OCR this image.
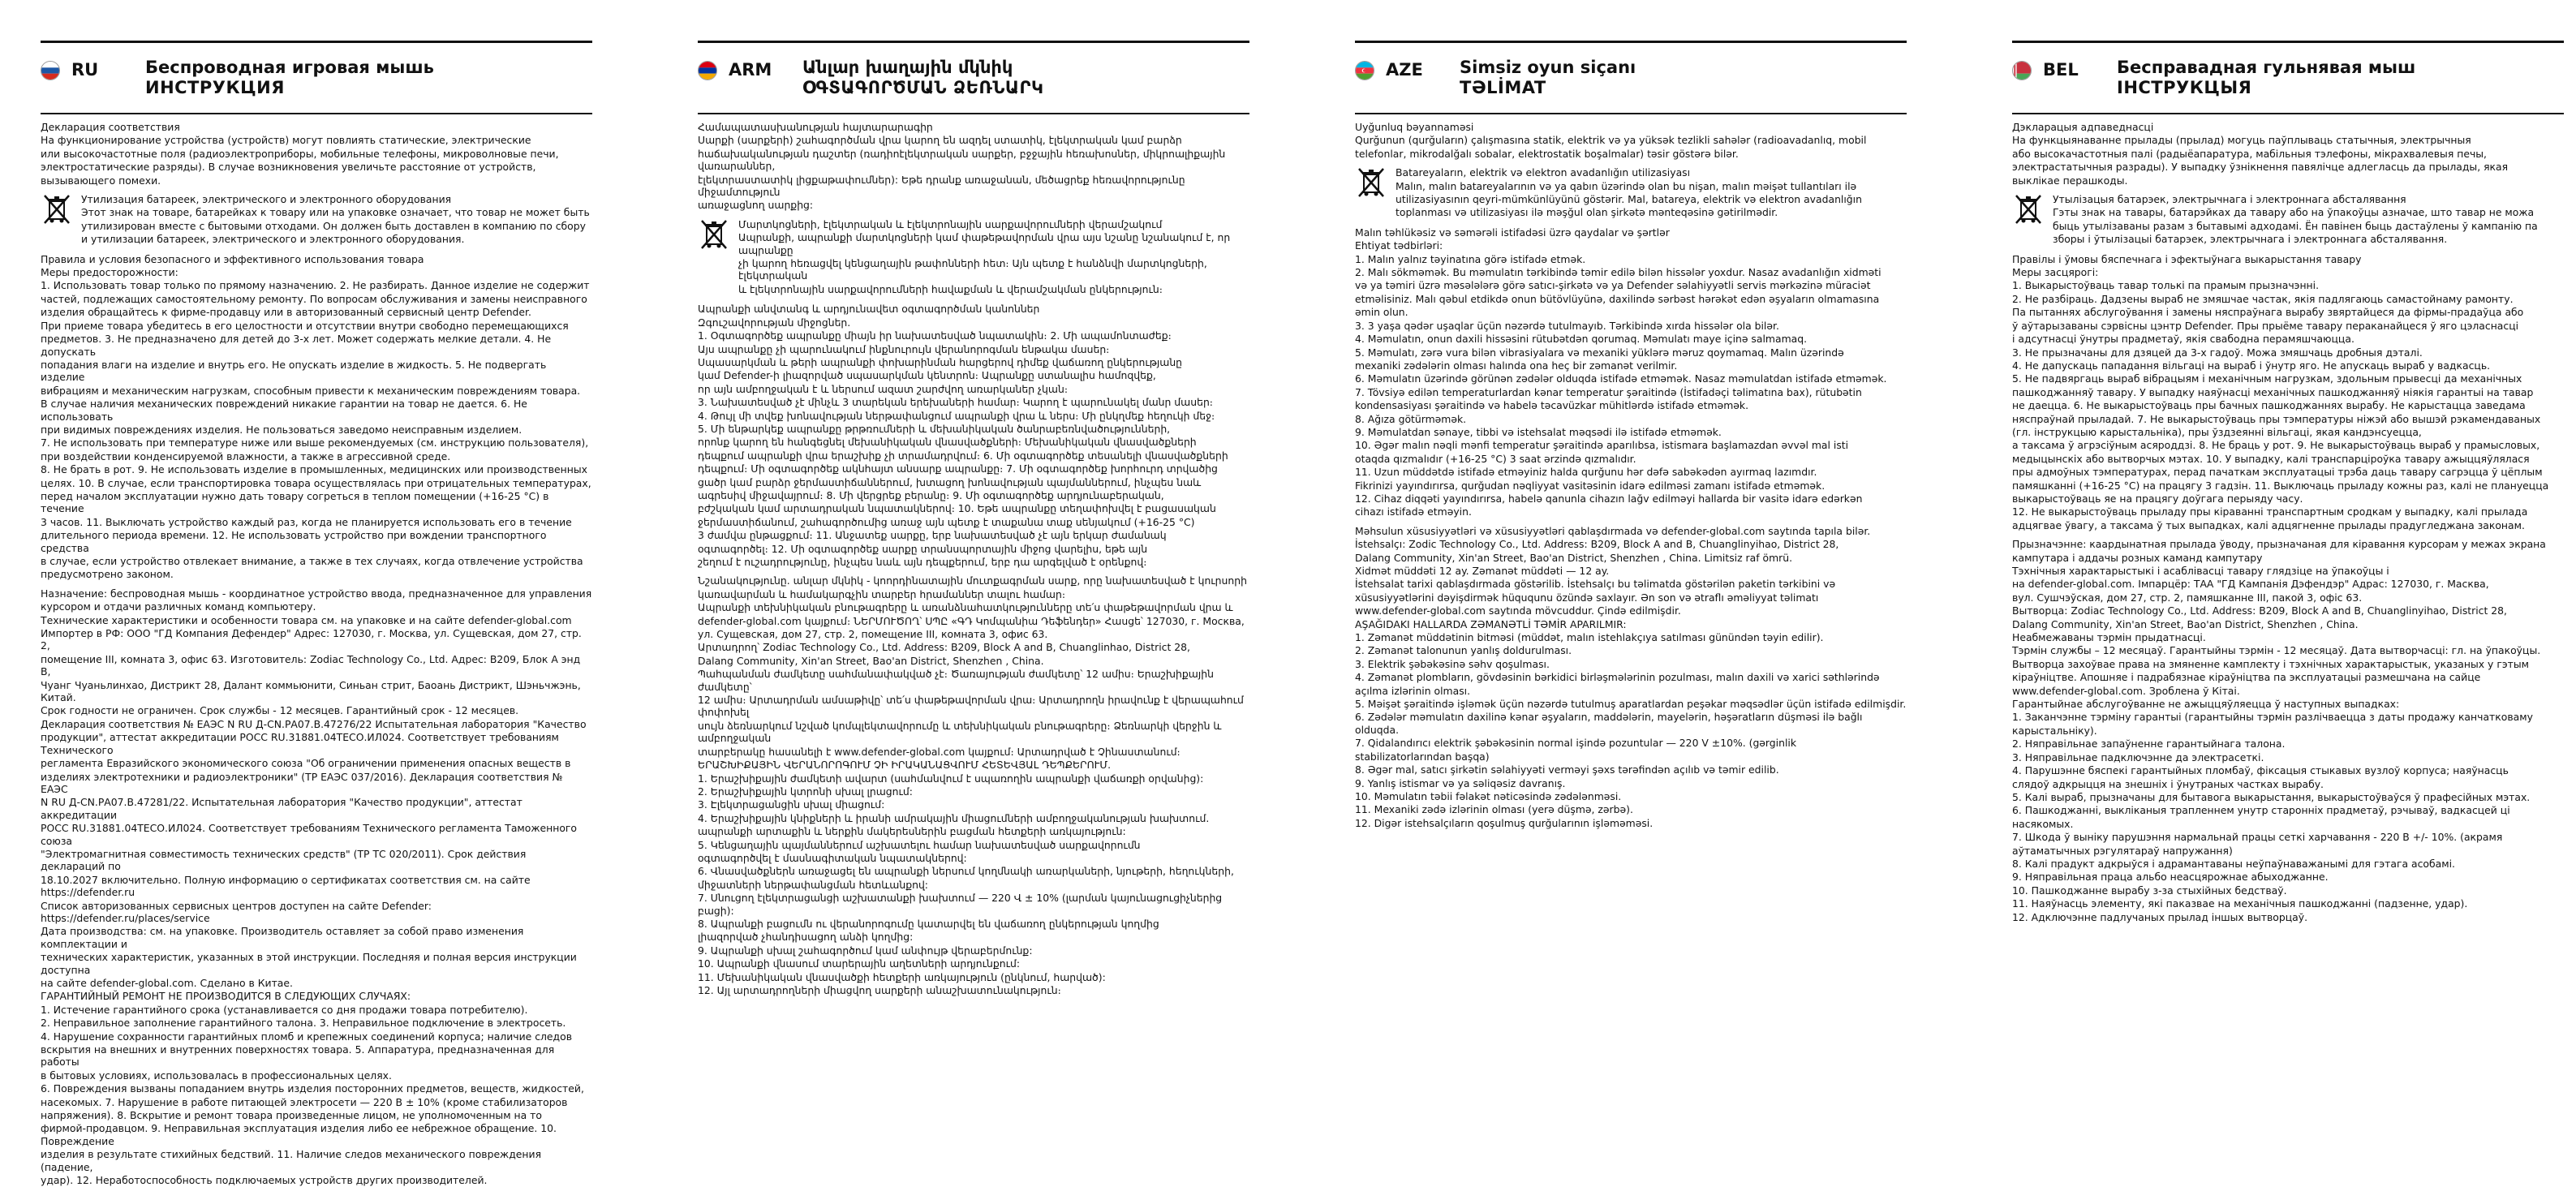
RU	Беспроводная игровая мышь
ИНСТРУКЦИЯ

Декларация соответствия

На функционирование устройства (устройств) могут повлиять статические, электрические

или высокочастотные поля (радиоэлектроприборы, мобильные телефоны, микроволновые печи,

электростатические разряды). В случае возникновения увеличьте расстояние от устройств,

вызывающего помехи.

Утилизация батареек, электрического и электронного оборудования

Этот знак на товаре, батарейках к товару или на упаковке означает, что товар не может быть

утилизирован вместе с бытовыми отходами. Он должен быть доставлен в компанию по сбору

и утилизации батареек, электрического и электронного оборудования.

Правила и условия безопасного и эффективного использования товара

Меры предосторожности:

1. Использовать товар только по прямому назначению. 2. Не разбирать. Данное изделие не содержит

частей, подлежащих самостоятельному ремонту. По вопросам обслуживания и замены неисправного

изделия обращайтесь к фирме-продавцу или в авторизованный сервисный центр Defender.

При приеме товара убедитесь в его целостности и отсутствии внутри свободно перемещающихся

предметов. 3. Не предназначено для детей до 3-х лет. Может содержать мелкие детали. 4. Не допускать

попадания влаги на изделие и внутрь его. Не опускать изделие в жидкость. 5. Не подвергать изделие

вибрациям и механическим нагрузкам, способным привести к механическим повреждениям товара.

В случае наличия механических повреждений никакие гарантии на товар не дается. 6. Не использовать

при видимых повреждениях изделия. Не пользоваться заведомо неисправным изделием.

7. Не использовать при температуре ниже или выше рекомендуемых (см. инструкцию пользователя),

при воздействии конденсируемой влажности, а также в агрессивной среде.

8. Не брать в рот. 9. Не использовать изделие в промышленных, медицинских или производственных

целях. 10. В случае, если транспортировка товара осуществлялась при отрицательных температурах,

перед началом эксплуатации нужно дать товару согреться в теплом помещении (+16-25 °С) в течение

3 часов. 11. Выключать устройство каждый раз, когда не планируется использовать его в течение

длительного периода времени. 12. Не использовать устройство при вождении транспортного средства

в случае, если устройство отвлекает внимание, а также в тех случаях, когда отвлечение устройства

предусмотрено законом.

Назначение: беспроводная мышь - координатное устройство ввода, предназначенное для управления

курсором и отдачи различных команд компьютеру.

Технические характеристики и особенности товара см. на упаковке и на сайте defender-global.com

Импортер в РФ: ООО "ГД Компания Дефендер" Адрес: 127030, г. Москва, ул. Сущевская, дом 27, стр. 2,

помещение III, комната 3, офис 63. Изготовитель: Zodiac Technology Co., Ltd. Адрес: B209, Блок A энд B,

Чуанг Чуаньлинхао, Дистрикт 28, Далант коммьюнити, Синьан стрит, Баоань Дистрикт, Шэньчжэнь, Китай.

Срок годности не ограничен. Срок службы - 12 месяцев. Гарантийный срок - 12 месяцев.

Декларация соответствия № ЕАЭС N RU Д-CN.РА07.В.47276/22 Испытательная лаборатория "Качество

продукции", аттестат аккредитации РОСС RU.31881.04ТЕСО.ИЛ024. Соответствует требованиям Технического

регламента Евразийского экономического союза "Об ограничении применения опасных веществ в

изделиях электротехники и радиоэлектроники" (ТР ЕАЭС 037/2016). Декларация соответствия № ЕАЭС

N RU Д-CN.РА07.В.47281/22. Испытательная лаборатория "Качество продукции", аттестат аккредитации

РОСС RU.31881.04ТЕСО.ИЛ024. Соответствует требованиям Технического регламента Таможенного союза

"Электромагнитная совместимость технических средств" (ТР ТС 020/2011). Срок действия деклараций по

18.10.2027 включительно. Полную информацию о сертификатах соответствия см. на сайте https://defender.ru

Список авторизованных сервисных центров доступен на сайте Defender: https://defender.ru/places/service

Дата производства: см. на упаковке. Производитель оставляет за собой право изменения комплектации и

технических характеристик, указанных в этой инструкции. Последняя и полная версия инструкции доступна

на сайте defender-global.com. Сделано в Китае.

ГАРАНТИЙНЫЙ РЕМОНТ НЕ ПРОИЗВОДИТСЯ В СЛЕДУЮЩИХ СЛУЧАЯХ:

1. Истечение гарантийного срока (устанавливается со дня продажи товара потребителю).

2. Неправильное заполнение гарантийного талона. 3. Неправильное подключение в электросеть.

4. Нарушение сохранности гарантийных пломб и крепежных соединений корпуса; наличие следов

вскрытия на внешних и внутренних поверхностях товара. 5. Аппаратура, предназначенная для работы

в бытовых условиях, использовалась в профессиональных целях.

6. Повреждения вызваны попаданием внутрь изделия посторонних предметов, веществ, жидкостей,

насекомых. 7. Нарушение в работе питающей электросети — 220 В ± 10% (кроме стабилизаторов

напряжения). 8. Вскрытие и ремонт товара произведенные лицом, не уполномоченным на то

фирмой-продавцом. 9. Неправильная эксплуатация изделия либо ее небрежное обращение. 10. Повреждение

изделия в результате стихийных бедствий. 11. Наличие следов механического повреждения (падение,

удар). 12. Неработоспособность подключаемых устройств других производителей.

ARM	Անլար խաղային մկնիկ
ՕԳՏԱԳՈՐԾՄԱՆ ՁԵՌՆԱՐԿ

Համապատասխանության հայտարարագիր

Սարքի (սարքերի) շահագործման վրա կարող են ազդել ստատիկ, էլեկտրական կամ բարձր

հաճախականության դաշտեր (ռադիոէլեկտրական սարքեր, բջջային հեռախոսներ, միկրոալիքային վառարաններ,

էլեկտրաստատիկ լիցքաթափումներ): Եթե դրանք առաջանան, մեծացրեք հեռավորությունը միջամտություն

առաջացնող սարքից:

Մարտկոցների, էլեկտրական և էլեկտրոնային սարքավորումների վերամշակում

Ապրանքի, ապրանքի մարտկոցների կամ փաթեթավորման վրա այս նշանը նշանակում է, որ ապրանքը

չի կարող հեռացվել կենցաղային թափոնների հետ։ Այն պետք է հանձնվի մարտկոցների, էլեկտրական

և էլեկտրոնային սարքավորումների հավաքման և վերամշակման ընկերություն։

Ապրանքի անվտանգ և արդյունավետ օգտագործման կանոններ

Զգուշավորության միջոցներ.

1. Օգտագործեք ապրանքը միայն իր նախատեսված նպատակին։ 2. Մի ապամոնտաժեք։

Այս ապրանքը չի պարունակում ինքնուրույն վերանորոգման ենթակա մասեր։

Սպասարկման և թերի ապրանքի փոխարինման հարցերով դիմեք վաճառող ընկերությանը

կամ Defender-ի լիազորված սպասարկման կենտրոն։ Ապրանքը ստանալիս համոզվեք,

որ այն ամբողջական է և ներսում ազատ շարժվող առարկաներ չկան։

3. Նախատեսված չէ մինչև 3 տարեկան երեխաների համար։ Կարող է պարունակել մանր մասեր։

4. Թույլ մի տվեք խոնավության ներթափանցում ապրանքի վրա և ներս։ Մի ընկղմեք հեղուկի մեջ։

5. Մի ենթարկեք ապրանքը թրթռումների և մեխանիկական ծանրաբեռնվածությունների,

որոնք կարող են հանգեցնել մեխանիկական վնասվածքների։ Մեխանիկական վնասվածքների

դեպքում ապրանքի վրա երաշխիք չի տրամադրվում։ 6. Մի օգտագործեք տեսանելի վնասվածքների

դեպքում։ Մի օգտագործեք ակնհայտ անսարք ապրանքը։ 7. Մի օգտագործեք խորհուրդ տրվածից

ցածր կամ բարձր ջերմաստիճաններում, խտացող խոնավության պայմաններում, ինչպես նաև

ագրեսիվ միջավայրում։ 8. Մի վերցրեք բերանը։ 9. Մի օգտագործեք արդյունաբերական,

բժշկական կամ արտադրական նպատակներով։ 10. Եթե ապրանքը տեղափոխվել է բացասական

ջերմաստիճանում, շահագործումից առաջ այն պետք է տաքանա տաք սենյակում (+16-25 °C)

3 ժամվա ընթացքում։ 11. Անջատեք սարքը, երբ նախատեսված չէ այն երկար ժամանակ

օգտագործել։ 12. Մի օգտագործեք սարքը տրանսպորտային միջոց վարելիս, եթե այն

շեղում է ուշադրությունը, ինչպես նաև այն դեպքերում, երբ դա արգելված է օրենքով։

Նշանակությունը. անլար մկնիկ - կոորդինատային մուտքագրման սարք, որը նախատեսված է կուրսորի

կառավարման և համակարգչին տարբեր հրամաններ տալու համար։

Ապրանքի տեխնիկական բնութագրերը և առանձնահատկությունները տե՛ս փաթեթավորման վրա և

defender-global.com կայքում։ ՆԵՐՄՈՒԾՈՂ՝ ՍՊԸ «ԳԴ Կոմպանիա Դեֆենդեր» Հասցե՝ 127030, г. Москва,

ул. Сущевская, дом 27, стр. 2, помещение III, комната 3, офис 63.

Արտադրող՝ Zodiac Technology Co., Ltd. Address: B209, Block A and B, Chuanglinhao, District 28,

Dalang Community, Xin'an Street, Bao'an District, Shenzhen , China.

Պահպանման ժամկետը սահմանափակված չէ։ Ծառայության ժամկետը՝ 12 ամիս։ Երաշխիքային ժամկետը՝

12 ամիս։ Արտադրման ամսաթիվը՝ տե՛ս փաթեթավորման վրա։ Արտադրողն իրավունք է վերապահում փոփոխել

սույն ձեռնարկում նշված կոմպլեկտավորումը և տեխնիկական բնութագրերը։ Ձեռնարկի վերջին և ամբողջական

տարբերակը հասանելի է www.defender-global.com կայքում։ Արտադրված է Չինաստանում։

ԵՐԱՇԽԻՔԱՅԻՆ ՎԵՐԱՆՈՐՈԳՈՒՄ ՉԻ ԻՐԱԿԱՆԱՑՎՈՒՄ ՀԵՏԵՎՅԱԼ ԴԵՊՔԵՐՈՒՄ.

1. Երաշխիքային ժամկետի ավարտ (սահմանվում է սպառողին ապրանքի վաճառքի օրվանից):

2. Երաշխիքային կտրոնի սխալ լրացում:

3. Էլեկտրացանցին սխալ միացում:

4. Երաշխիքային կնիքների և իրանի ամրակային միացումների ամբողջականության խախտում.

ապրանքի արտաքին և ներքին մակերեսներին բացման հետքերի առկայություն:

5. Կենցաղային պայմաններում աշխատելու համար նախատեսված սարքավորումն

օգտագործվել է մասնագիտական նպատակներով:

6. Վնասվածքներն առաջացել են ապրանքի ներսում կողմնակի առարկաների, նյութերի, հեղուկների,

միջատների ներթափանցման հետևանքով:

7. Սնուցող էլեկտրացանցի աշխատանքի խախտում — 220 Վ ± 10% (լարման կայունացուցիչներից բացի):

8. Ապրանքի բացումն ու վերանորոգումը կատարվել են վաճառող ընկերության կողմից

լիազորված չհանդիսացող անձի կողմից:

9. Ապրանքի սխալ շահագործում կամ անփույթ վերաբերմունք:

10. Ապրանքի վնասում տարերային աղետների արդյունքում:

11. Մեխանիկական վնասվածքի հետքերի առկայություն (ընկնում, հարված):

12. Այլ արտադրողների միացվող սարքերի անաշխատունակություն։

AZE	Simsiz oyun siçanı
TƏLİMAT

Uyğunluq bəyannaməsi

Qurğunun (qurğuların) çalışmasına statik, elektrik və ya yüksək tezlikli sahələr (radioavadanlıq, mobil

telefonlar, mikrodalğalı sobalar, elektrostatik boşalmalar) təsir göstərə bilər.

Batareyaların, elektrik və elektron avadanlığın utilizasiyası

Malın, malın batareyalarının və ya qabın üzərində olan bu nişan, malın məişət tullantıları ilə

utilizasiyasının qeyri-mümkünlüyünü göstərir. Mal, batareya, elektrik və elektron avadanlığın

toplanması və utilizasiyası ilə məşğul olan şirkətə mənteqəsinə gətirilmədir.

Malın təhlükəsiz və səmərəli istifadəsi üzrə qaydalar və şərtlər

Ehtiyat tədbirləri:

1. Malın yalnız təyinatına görə istifadə etmək.

2. Malı sökməmək. Bu məmulatın tərkibində təmir edilə bilən hissələr yoxdur. Nasaz avadanlığın xidməti

və ya təmiri üzrə məsələlərə görə satıcı-şirkətə və ya Defender səlahiyyətli servis mərkəzinə müraciət

etməlisiniz. Malı qəbul etdikdə onun bütövlüyünə, daxilində sərbəst hərəkət edən əşyaların olmamasına

əmin olun.

3. 3 yaşa qədər uşaqlar üçün nəzərdə tutulmayıb. Tərkibində xırda hissələr ola bilər.

4. Məmulatın, onun daxili hissəsini rütubətdən qorumaq. Məmulatı maye içinə salmamaq.

5. Məmulatı, zərə vura bilən vibrasiyalara və mexaniki yüklərə məruz qoymamaq. Malın üzərində

mexaniki zədələrin olması halında ona heç bir zəmanət verilmir.

6. Məmulatın üzərində görünən zədələr olduqda istifadə etməmək. Nasaz məmulatdan istifadə etməmək.

7. Tövsiyə edilən temperaturlardan kənar temperatur şəraitində (İstifadəçi təlimatına bax), rütubətin

kondensasiyası şəraitində və habelə təcavüzkar mühitlərdə istifadə etməmək.

8. Ağıza götürməmək.

9. Məmulatdan sənaye, tibbi və istehsalat məqsədi ilə istifadə etməmək.

10. Əgər malın nəqli mənfi temperatur şəraitində aparılıbsa, istismara başlamazdan əvvəl mal isti

otaqda qızmalıdır (+16-25 °C) 3 saat ərzində qızmalıdır.

11. Uzun müddətdə istifadə etməyiniz halda qurğunu hər dəfə sabəkədən ayırmaq lazımdır.

Fikrinizi yayındırırsa, qurğudan nəqliyyat vasitəsinin idarə edilməsi zamanı istifadə etməmək.

12. Cihaz diqqəti yayındırırsa, habelə qanunla cihazın lağv edilməyi hallarda bir vasitə idarə edərkən

cihazı istifadə etməyin.

Məhsulun xüsusiyyətləri və xüsusiyyətləri qablaşdırmada və defender-global.com saytında tapıla bilər.

İstehsalçı: Zodic Technology Co., Ltd. Address: B209, Block A and B, Chuanglinyihao, District 28,

Dalang Community, Xin'an Street, Bao'an District, Shenzhen , China. Limitsiz raf ömrü.

Xidmət müddəti 12 ay. Zəmanət müddəti — 12 ay.

İstehsalat tarixi qablaşdırmada göstərilib. İstehsalçı bu təlimatda göstərilən paketin tərkibini və

xüsusiyyətlərini dəyişdirmək hüququnu özündə saxlayır. Ən son və ətraflı əməliyyat təlimatı

www.defender-global.com saytında mövcuddur. Çində edilmişdir.

AŞAĞIDAKI HALLARDA ZƏMANƏTLİ TƏMİR APARILMIR:

1. Zəmanət müddətinin bitməsi (müddət, malın istehlakçıya satılması günündən təyin edilir).

2. Zəmanət talonunun yanlış doldurulması.

3. Elektrik şəbəkəsinə səhv qoşulması.

4. Zəmanət plombların, gövdəsinin bərkidici birləşmələrinin pozulması, malın daxili və xarici səthlərində

açılma izlərinin olması.

5. Məişət şəraitində işləmək üçün nəzərdə tutulmuş aparatlardan peşəkar məqsədlər üçün istifadə edilmişdir.

6. Zədələr məmulatın daxilinə kənar əşyaların, maddələrin, mayelərin, həşəratların düşməsi ilə bağlı olduqda.

7. Qidalandırıcı elektrik şəbəkəsinin normal işində pozuntular — 220 V ±10%. (gərginlik

stabilizatorlarından başqa)

8. Əgər mal, satıcı şirkətin səlahiyyəti verməyi şəxs tərəfindən açılıb və təmir edilib.

9. Yanlış istismar və ya səliqəsiz davranış.

10. Məmulatın təbii fəlakət nəticəsində zədələnməsi.

11. Mexaniki zədə izlərinin olması (yerə düşmə, zərbə).

12. Digər istehsalçıların qoşulmuş qurğularının işləməməsi.

BEL	Бесправадная гульнявая мыш
ІНСТРУКЦЫЯ

Дэкларацыя адпаведнасці

На функцыянаванне прылады (прылад) могуць паўплываць статычныя, электрычныя

або высокачастотныя палі (радыёапаратура, мабільныя тэлефоны, мікрахвалевыя печы,

электрастатычныя разрады). У выпадку ўзнікнення павялічце адлегласць да прылады, якая

выклікае перашкоды.

Утылізацыя батарэек, электрычнага і электроннага абсталявання

Гэты знак на тавары, батарэйках да тавару або на ўпакоўцы азначае, што тавар не можа

быць утылізаваны разам з бытавымі адходамі. Ён павінен быць дастаўлены ў кампанію па

зборы і ўтылізацыі батарэек, электрычнага і электроннага абсталявання.

Правілы і ўмовы бяспечнага і эфектыўнага выкарыстання тавару

Меры засцярогі:

1. Выкарыстоўваць тавар толькі па прамым прызначэнні.

2. Не разбіраць. Дадзены выраб не змяшчае частак, якія падлягаюць самастойнаму рамонту.

Па пытаннях абслугоўвання і замены няспраўнага вырабу звяртайцеся да фірмы-прадаўца або

ў аўтарызаваны сэрвісны цэнтр Defender. Пры прыёме тавару пераканайцеся ў яго цэласнасці

і адсутнасці ўнутры прадметаў, якія свабодна перамяшчаюцца.

3. Не прызначаны для дзяцей да 3-х гадоў. Можа змяшчаць дробныя дэталі.

4. Не дапускаць пападання вільгаці на выраб і ўнутр яго. Не апускаць выраб у вадкасць.

5. Не падвяргаць выраб вібрацыям і механічным нагрузкам, здольным прывесці да механічных

пашкоджанняў тавару. У выпадку наяўнасці механічных пашкоджанняў ніякія гарантыі на тавар

не даецца. 6. Не выкарыстоўваць пры бачных пашкоджаннях вырабу. Не карыстацца заведама

няспраўнай прыладай. 7. Не выкарыстоўваць пры тэмпературы ніжэй або вышэй рэкамендаваных

(гл. інструкцыю карыстальніка), пры ўздзеянні вільгаці, якая кандэнсуецца,

а таксама ў агрэсіўным асяроддзі. 8. Не браць у рот. 9. Не выкарыстоўваць выраб у прамысловых,

медыцынскіх або вытворчых мэтах. 10. У выпадку, калі транспарціроўка тавару ажыццяўлялася

пры адмоўных тэмпературах, перад пачаткам эксплуатацыі трэба даць тавару сагрэцца ў цёплым

памяшканні (+16-25 °C) на працягу 3 гадзін. 11. Выключаць прыладу кожны раз, калі не плануецца

выкарыстоўваць яе на працягу доўгага перыяду часу.

12. Не выкарыстоўваць прыладу пры кіраванні транспартным сродкам у выпадку, калі прылада

адцягвае ўвагу, а таксама ў тых выпадках, калі адцягненне прылады прадугледжана законам.

Прызначэнне: каардынатная прылада ўводу, прызначаная для кіравання курсорам у межах экрана

кампутара і аддачы розных каманд кампутару

Тэхнічныя характарыстыкі і асаблівасці тавару глядзіце на ўпакоўцы і

на defender-global.com. Імпарцёр: ТАА "ГД Кампанія Дэфендэр" Адрас: 127030, г. Масква,

вул. Сушчэўская, дом 27, стр. 2, памяшканне III, пакой 3, офіс 63.

Вытворца: Zodiac Technology Co., Ltd. Address: B209, Block A and B, Chuanglinyihao, District 28,

Dalang Community, Xin'an Street, Bao'an District, Shenzhen , China.

Неабмежаваны тэрмін прыдатнасці.

Тэрмін службы – 12 месяцаў. Гарантыйны тэрмін - 12 месяцаў. Дата вытворчасці: гл. на ўпакоўцы.

Вытворца захоўвае права на змяненне камплекту і тэхнічных характарыстык, указаных у гэтым

кіраўніцтве. Апошняе і падрабязнае кіраўніцтва па эксплуатацыі размешчана на сайце

www.defender-global.com. Зроблена ў Кітаі.

Гарантыйнае абслугоўванне не ажыццяўляецца ў наступных выпадках:

1. Заканчэнне тэрміну гарантыі (гарантыйны тэрмін разлічваецца з даты продажу канчатковаму

карыстальніку).

2. Няправільнае запаўненне гарантыйнага талона.

3. Няправільнае падключэнне да электрасеткі.

4. Парушэнне бяспекі гарантыйных пломбаў, фіксацыя стыкавых вузлоў корпуса; наяўнасць

слядоў адкрыцця на знешніх і ўнутраных частках вырабу.

5. Калі выраб, прызначаны для бытавога выкарыстання, выкарыстоўваўся ў прафесійных мэтах.

6. Пашкоджанні, выкліканыя трапленнем унутр старонніх прадметаў, рэчываў, вадкасцей ці

насякомых.

7. Шкода ў выніку парушэння нармальнай працы сеткі харчавання - 220 В +/- 10%. (акрамя

аўтаматычных рэгулятараў напружання)

8. Калі прадукт адкрыўся і адрамантаваны неўпаўнаважанымі для гэтага асобамі.

9. Няправільная праца альбо неасцярожнае абыходжанне.

10. Пашкоджанне вырабу з-за стыхійных бедстваў.

11. Наяўнасць элементу, які паказвае на механічныя пашкоджанні (падзенне, удар).

12. Адключэнне падлучаных прылад іншых вытворцаў.
